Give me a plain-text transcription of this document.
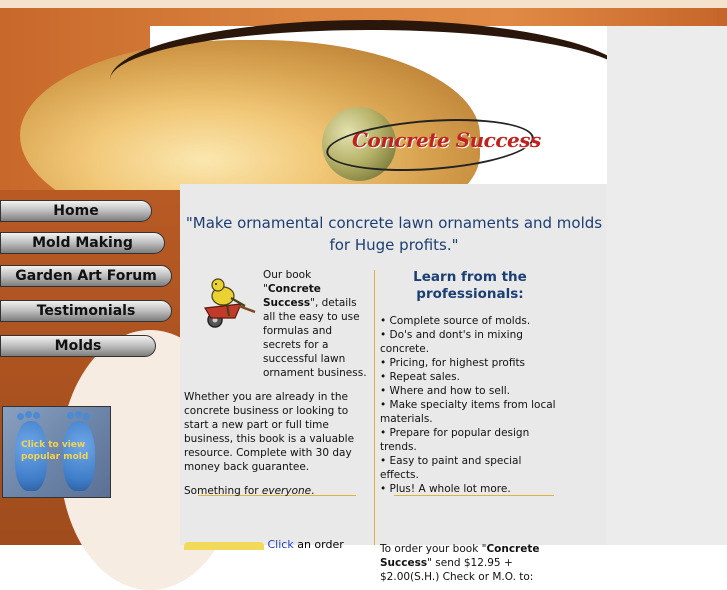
Concrete Success
Home
Mold Making
Garden Art Forum
Testimonials
Molds
Click to view
popular mold
"Make ornamental concrete lawn ornaments and molds
for Huge profits."
Our book
"Concrete Success", details all the easy to use formulas and secrets for a successful lawn ornament business.
Whether you are already in the concrete business or looking to start a new part or full time business, this book is a valuable resource. Complete with 30 day money back guarantee.
Something for everyone.
Click an order
Learn from the professionals:
• Complete source of molds.
• Do's and dont's in mixing concrete.
• Pricing, for highest profits
• Repeat sales.
• Where and how to sell.
• Make specialty items from local materials.
• Prepare for popular design trends.
• Easy to paint and special effects.
• Plus! A whole lot more.
To order your book "Concrete Success" send $12.95 + $2.00(S.H.) Check or M.O. to:
